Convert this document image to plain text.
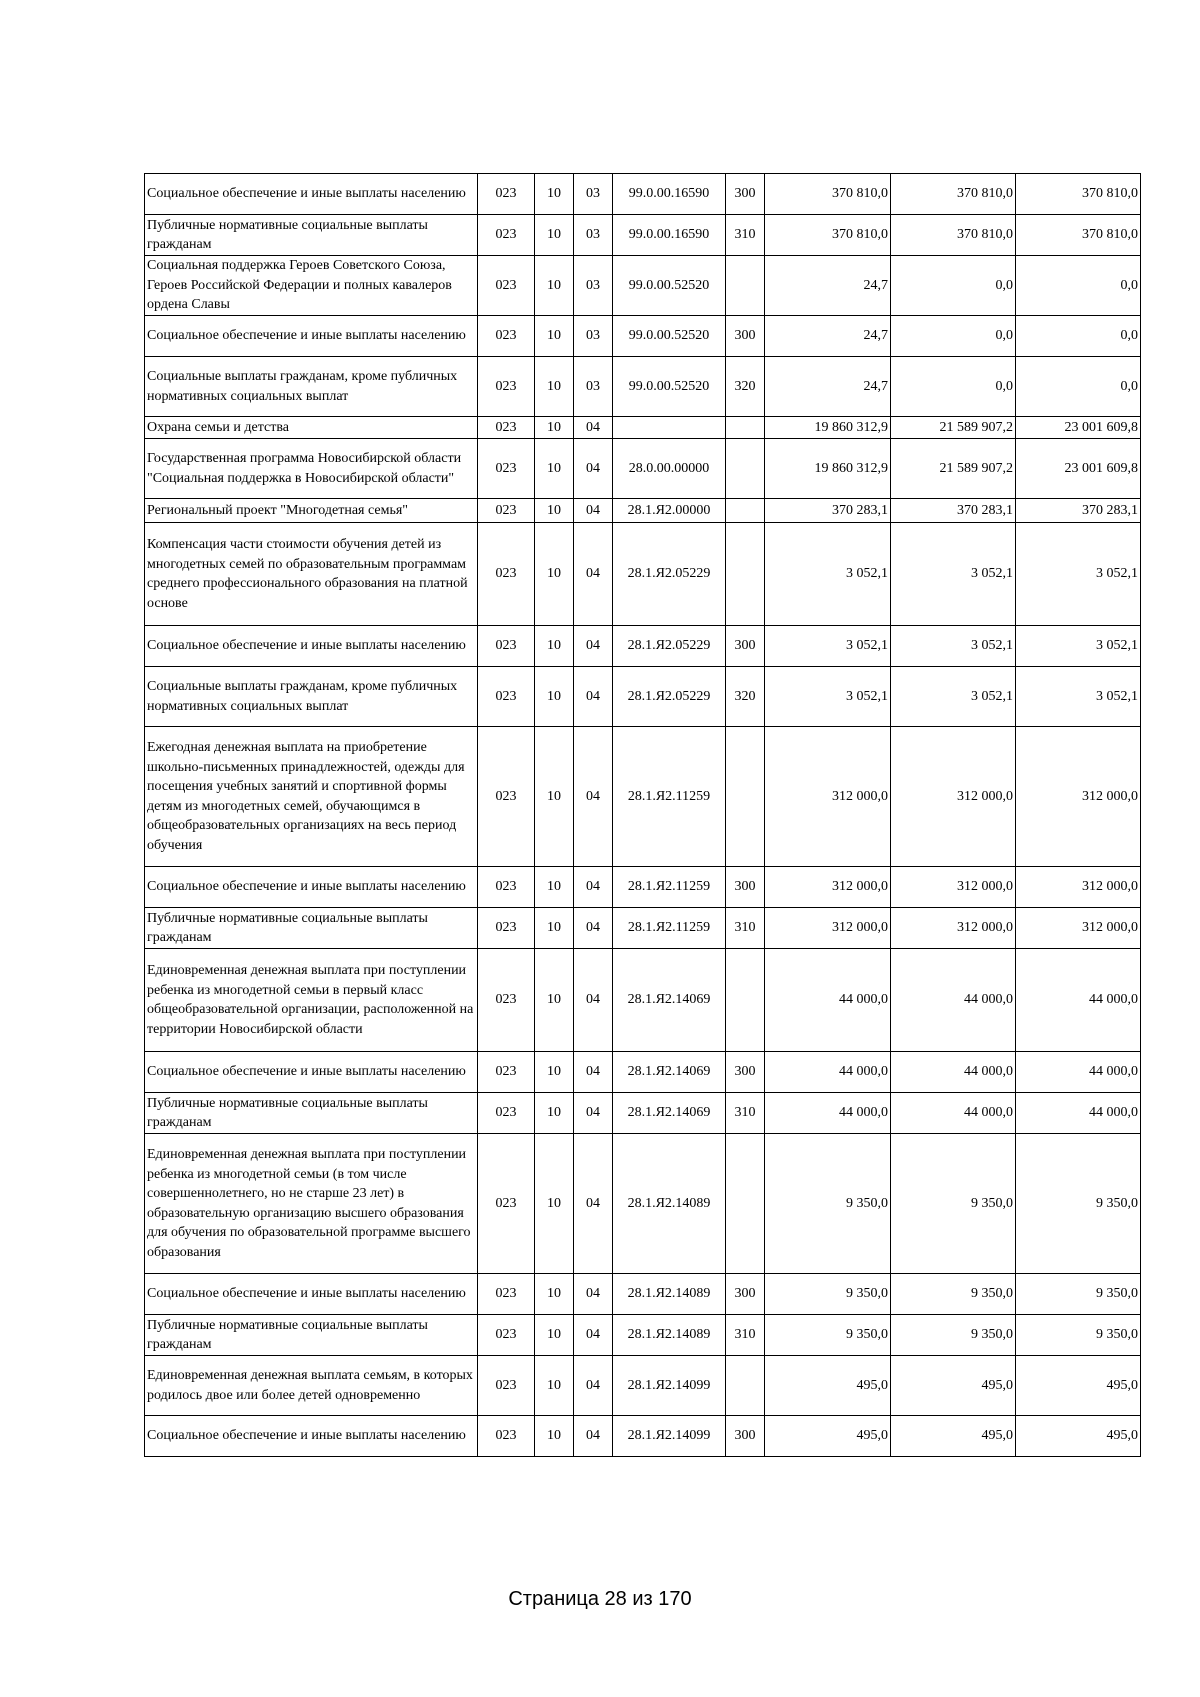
Социальное обеспечение и иные выплаты населению	023	10	03	99.0.00.16590	300	370 810,0	370 810,0	370 810,0
Публичные нормативные социальные выплаты гражданам	023	10	03	99.0.00.16590	310	370 810,0	370 810,0	370 810,0
Социальная поддержка Героев Советского Союза, Героев Российской Федерации и полных кавалеров ордена Славы	023	10	03	99.0.00.52520		24,7	0,0	0,0
Социальное обеспечение и иные выплаты населению	023	10	03	99.0.00.52520	300	24,7	0,0	0,0
Социальные выплаты гражданам, кроме публичных нормативных социальных выплат	023	10	03	99.0.00.52520	320	24,7	0,0	0,0
Охрана семьи и детства	023	10	04			19 860 312,9	21 589 907,2	23 001 609,8
Государственная программа Новосибирской области "Социальная поддержка в Новосибирской области"	023	10	04	28.0.00.00000		19 860 312,9	21 589 907,2	23 001 609,8
Региональный проект "Многодетная семья"	023	10	04	28.1.Я2.00000		370 283,1	370 283,1	370 283,1
Компенсация части стоимости обучения детей из многодетных семей по образовательным программам среднего профессионального образования на платной основе	023	10	04	28.1.Я2.05229		3 052,1	3 052,1	3 052,1
Социальное обеспечение и иные выплаты населению	023	10	04	28.1.Я2.05229	300	3 052,1	3 052,1	3 052,1
Социальные выплаты гражданам, кроме публичных нормативных социальных выплат	023	10	04	28.1.Я2.05229	320	3 052,1	3 052,1	3 052,1
Ежегодная денежная выплата на приобретение школьно-письменных принадлежностей, одежды для посещения учебных занятий и спортивной формы детям из многодетных семей, обучающимся в общеобразовательных организациях на весь период обучения	023	10	04	28.1.Я2.11259		312 000,0	312 000,0	312 000,0
Социальное обеспечение и иные выплаты населению	023	10	04	28.1.Я2.11259	300	312 000,0	312 000,0	312 000,0
Публичные нормативные социальные выплаты гражданам	023	10	04	28.1.Я2.11259	310	312 000,0	312 000,0	312 000,0
Единовременная денежная выплата при поступлении ребенка из многодетной семьи в первый класс общеобразовательной организации, расположенной на территории Новосибирской области	023	10	04	28.1.Я2.14069		44 000,0	44 000,0	44 000,0
Социальное обеспечение и иные выплаты населению	023	10	04	28.1.Я2.14069	300	44 000,0	44 000,0	44 000,0
Публичные нормативные социальные выплаты гражданам	023	10	04	28.1.Я2.14069	310	44 000,0	44 000,0	44 000,0
Единовременная денежная выплата при поступлении ребенка из многодетной семьи (в том числе совершеннолетнего, но не старше 23 лет) в образовательную организацию высшего образования для обучения по образовательной программе высшего образования	023	10	04	28.1.Я2.14089		9 350,0	9 350,0	9 350,0
Социальное обеспечение и иные выплаты населению	023	10	04	28.1.Я2.14089	300	9 350,0	9 350,0	9 350,0
Публичные нормативные социальные выплаты гражданам	023	10	04	28.1.Я2.14089	310	9 350,0	9 350,0	9 350,0
Единовременная денежная выплата семьям, в которых родилось двое или более детей одновременно	023	10	04	28.1.Я2.14099		495,0	495,0	495,0
Социальное обеспечение и иные выплаты населению	023	10	04	28.1.Я2.14099	300	495,0	495,0	495,0
Страница 28 из 170
